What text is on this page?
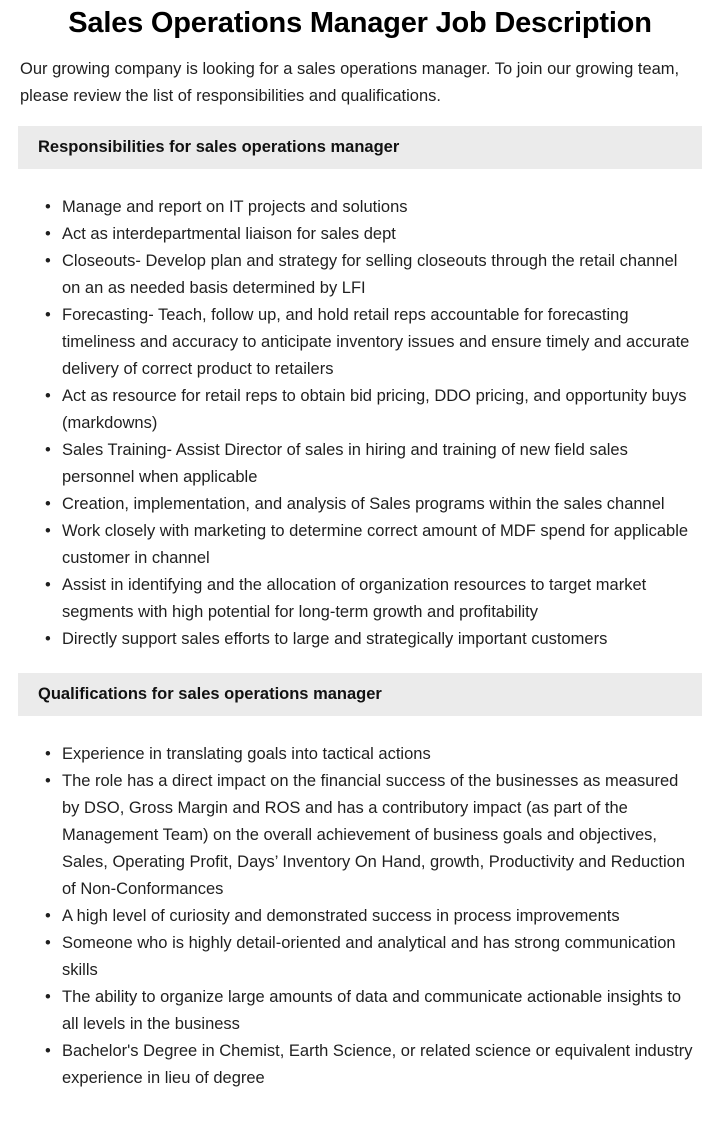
Sales Operations Manager Job Description

Our growing company is looking for a sales operations manager. To join our growing team, please review the list of responsibilities and qualifications.

Responsibilities for sales operations manager
• Manage and report on IT projects and solutions
• Act as interdepartmental liaison for sales dept
• Closeouts- Develop plan and strategy for selling closeouts through the retail channel on an as needed basis determined by LFI
• Forecasting- Teach, follow up, and hold retail reps accountable for forecasting timeliness and accuracy to anticipate inventory issues and ensure timely and accurate delivery of correct product to retailers
• Act as resource for retail reps to obtain bid pricing, DDO pricing, and opportunity buys (markdowns)
• Sales Training- Assist Director of sales in hiring and training of new field sales personnel when applicable
• Creation, implementation, and analysis of Sales programs within the sales channel
• Work closely with marketing to determine correct amount of MDF spend for applicable customer in channel
• Assist in identifying and the allocation of organization resources to target market segments with high potential for long-term growth and profitability
• Directly support sales efforts to large and strategically important customers
Qualifications for sales operations manager
• Experience in translating goals into tactical actions
• The role has a direct impact on the financial success of the businesses as measured by DSO, Gross Margin and ROS and has a contributory impact (as part of the Management Team) on the overall achievement of business goals and objectives, Sales, Operating Profit, Days’ Inventory On Hand, growth, Productivity and Reduction of Non-Conformances
• A high level of curiosity and demonstrated success in process improvements
• Someone who is highly detail-oriented and analytical and has strong communication skills
• The ability to organize large amounts of data and communicate actionable insights to all levels in the business
• Bachelor's Degree in Chemist, Earth Science, or related science or equivalent industry experience in lieu of degree
